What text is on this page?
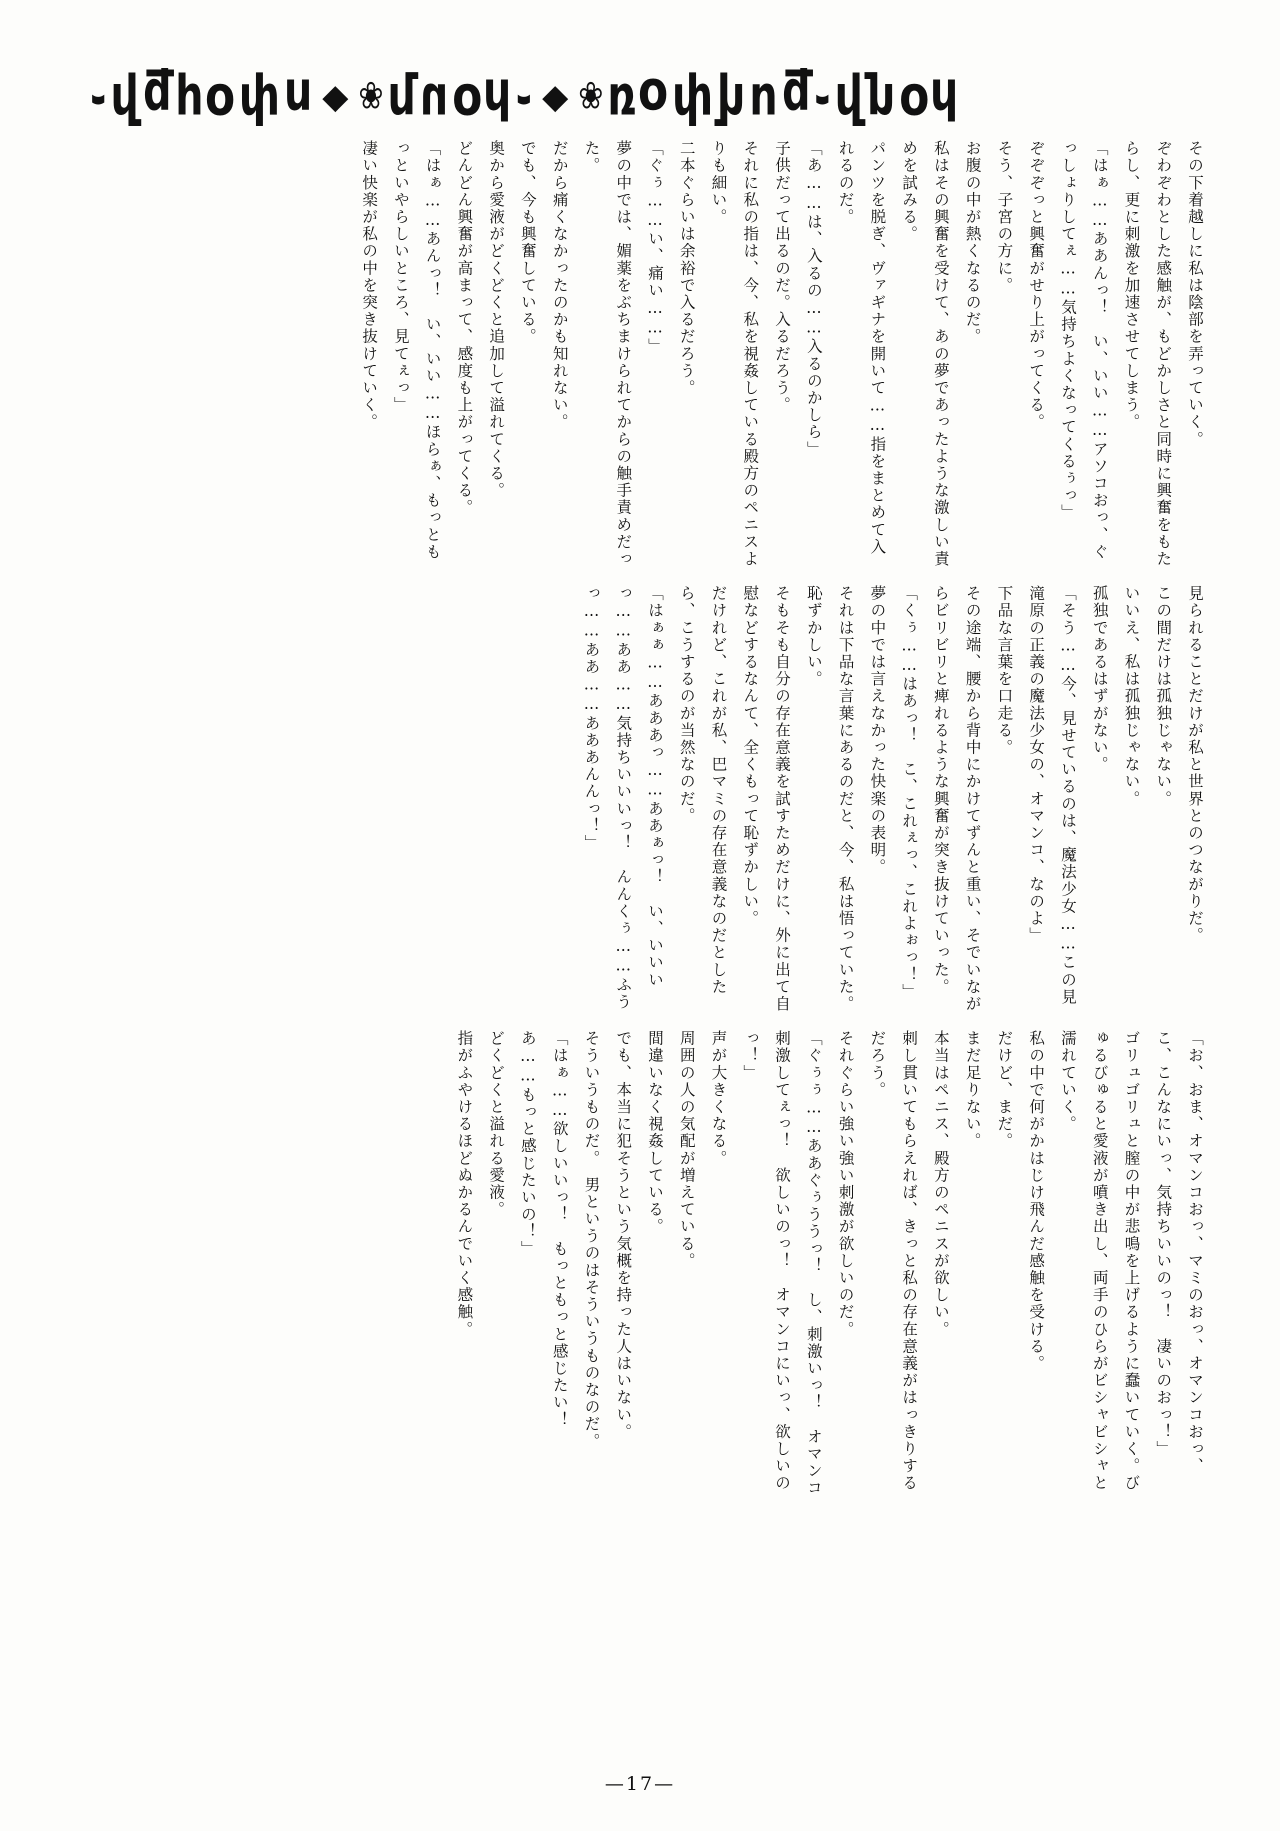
֊ վ ք հ օ փ ո ◆ ❀ մ ո օ հ ֊ ◆ ❀ ռ օ փ վ ո ք ֊ վ մ օ հ

その下着越しに私は陰部を弄っていく。

ぞわぞわとした感触が、もどかしさと同時に興奮をもたらし、更に刺激を加速させてしまう。

「はぁ……ああんっ！　い、いい……アソコおっ、ぐっしょりしてぇ……気持ちよくなってくるぅっ」

ぞぞぞっと興奮がせり上がってくる。

そう、子宮の方に。

お腹の中が熱くなるのだ。

私はその興奮を受けて、あの夢であったような激しい責めを試みる。

パンツを脱ぎ、ヴァギナを開いて……指をまとめて入れるのだ。

「あ……は、入るの……入るのかしら」

子供だって出るのだ。入るだろう。

それに私の指は、今、私を視姦している殿方のペニスよりも細い。

二本ぐらいは余裕で入るだろう。

「ぐぅ……い、痛い……」

夢の中では、媚薬をぶちまけられてからの触手責めだった。

だから痛くなかったのかも知れない。

でも、今も興奮している。

奥から愛液がどくどくと追加して溢れてくる。

どんどん興奮が高まって、感度も上がってくる。

「はぁ……あんっ！　い、いい……ほらぁ、もっともっといやらしいところ、見てぇっ」

凄い快楽が私の中を突き抜けていく。

見られることだけが私と世界とのつながりだ。

この間だけは孤独じゃない。

いいえ、私は孤独じゃない。

孤独であるはずがない。

「そう……今、見せているのは、魔法少女……この見滝原の正義の魔法少女の、オマンコ、なのよ」

下品な言葉を口走る。

その途端、腰から背中にかけてずんと重い、そでいながらビリビリと痺れるような興奮が突き抜けていった。

「くぅ……はあっ！　こ、これぇっ、これよぉっ！」

夢の中では言えなかった快楽の表明。

それは下品な言葉にあるのだと、今、私は悟っていた。

恥ずかしい。

そもそも自分の存在意義を試すためだけに、外に出て自慰などするなんて、全くもって恥ずかしい。

だけれど、これが私、巴マミの存在意義なのだとしたら、こうするのが当然なのだ。

「はぁぁ……あああっ……ああぁっ！　い、いいいっ……ああ……気持ちいいいっ！　んんくぅ……ふうっ……ああ……あああんんっ！」

「お、おま、オマンコおっ、マミのおっ、オマンコおっ、こ、こんなにいっ、気持ちいいのっ！　凄いのおっ！」

ゴリュゴリュと膣の中が悲鳴を上げるように蠢いていく。びゅるびゅると愛液が噴き出し、両手のひらがビシャビシャと濡れていく。

私の中で何がかはじけ飛んだ感触を受ける。

だけど、まだ。

まだ足りない。

本当はペニス、殿方のペニスが欲しい。

刺し貫いてもらえれば、きっと私の存在意義がはっきりするだろう。

それぐらい強い強い刺激が欲しいのだ。

「ぐぅぅ……ああぐぅううっ！　し、刺激いっ！　オマンコ刺激してぇっ！　欲しいのっ！　オマンコにいっ、欲しいのっ！」

声が大きくなる。

周囲の人の気配が増えている。

間違いなく視姦している。

でも、本当に犯そうという気概を持った人はいない。

そういうものだ。　男というのはそういうものなのだ。

「はぁ……欲しいいっ！　もっともっと感じたい！　あ……もっと感じたいの！」

どくどくと溢れる愛液。

指がふやけるほどぬかるんでいく感触。

—17—
